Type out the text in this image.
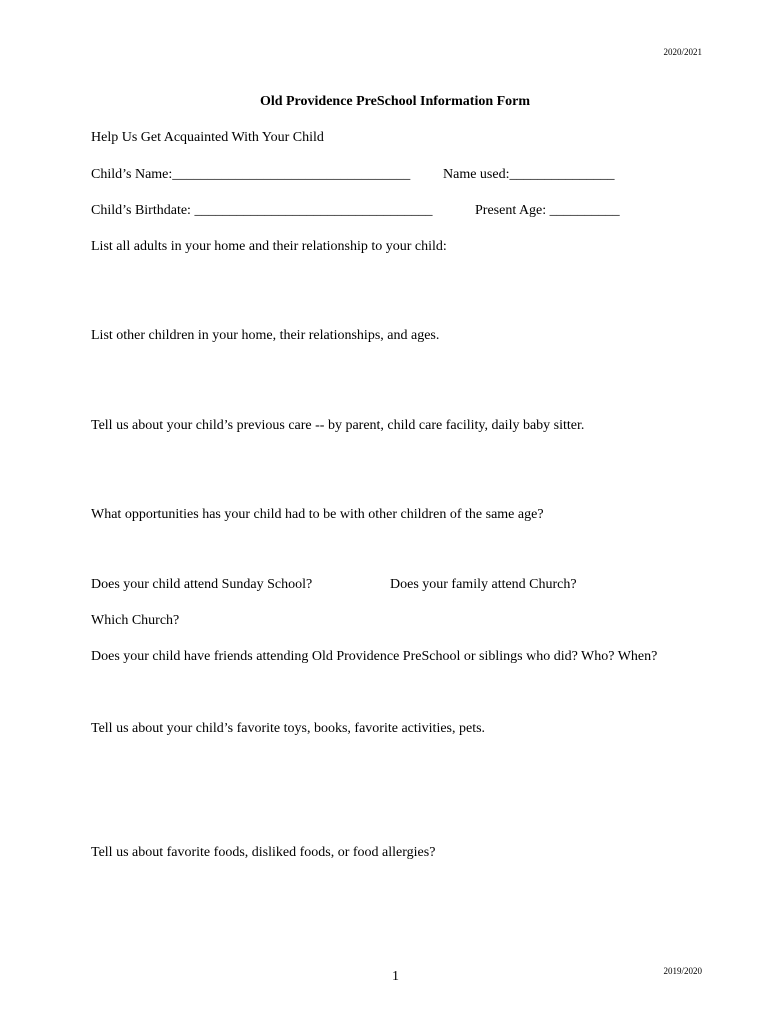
2020/2021
Old Providence PreSchool Information Form
Help Us Get Acquainted With Your Child
Child’s Name:__________________________________ Name used:_______________
Child’s Birthdate: __________________________________	Present Age: __________
List all adults in your home and their relationship to your child:
List other children in your home, their relationships, and ages.
Tell us about your child’s previous care -- by parent, child care facility, daily baby sitter.
What opportunities has your child had to be with other children of the same age?
Does your child attend Sunday School?	Does your family attend Church?
Which Church?
Does your child have friends attending Old Providence PreSchool or siblings who did? Who? When?
Tell us about your child’s favorite toys, books, favorite activities, pets.
Tell us about favorite foods, disliked foods, or food allergies?
1	2019/2020
